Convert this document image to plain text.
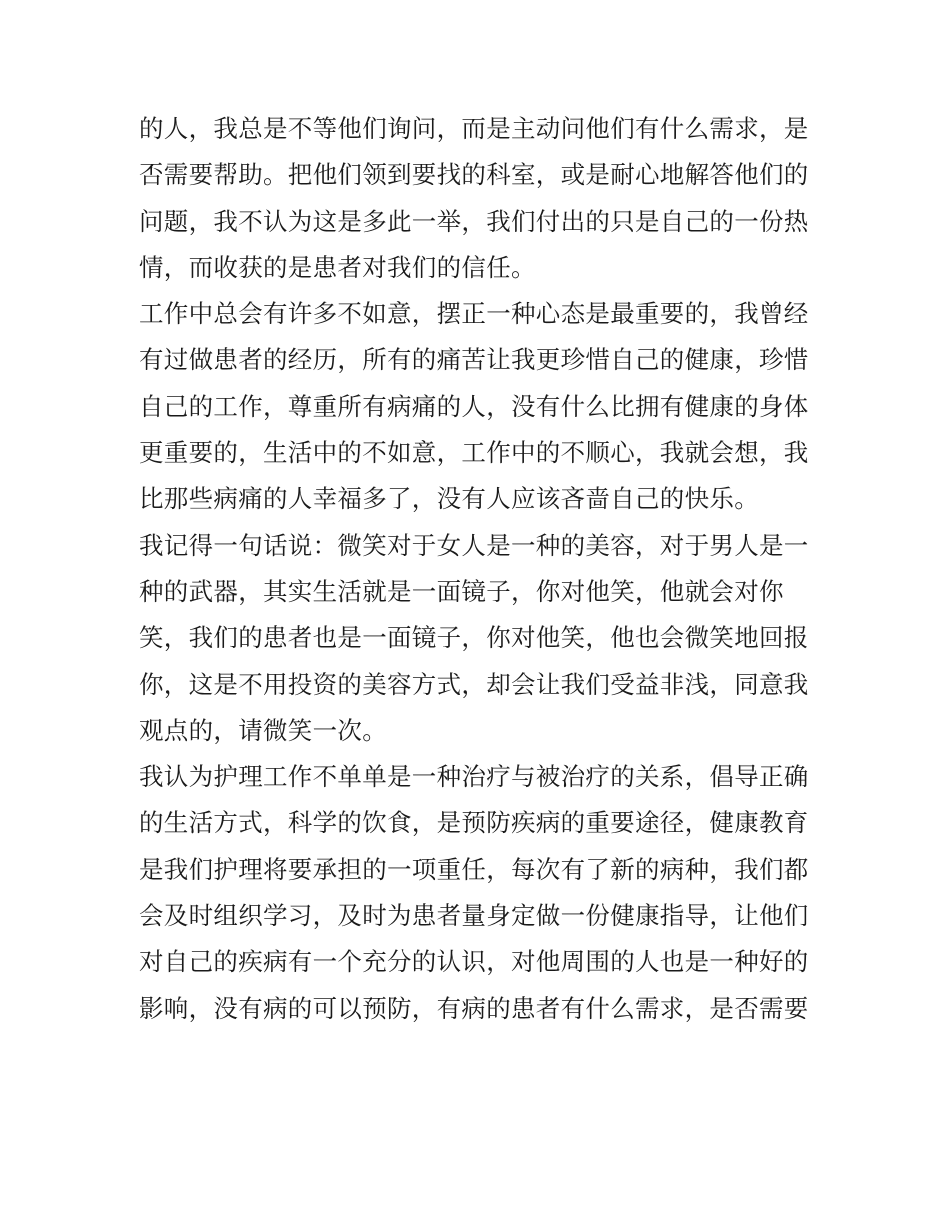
的人，我总是不等他们询问，而是主动问他们有什么需求，是
否需要帮助。把他们领到要找的科室，或是耐心地解答他们的
问题，我不认为这是多此一举，我们付出的只是自己的一份热
情，而收获的是患者对我们的信任。
工作中总会有许多不如意，摆正一种心态是最重要的，我曾经
有过做患者的经历，所有的痛苦让我更珍惜自己的健康，珍惜
自己的工作，尊重所有病痛的人，没有什么比拥有健康的身体
更重要的，生活中的不如意，工作中的不顺心，我就会想，我
比那些病痛的人幸福多了，没有人应该吝啬自己的快乐。
我记得一句话说：微笑对于女人是一种的美容，对于男人是一
种的武器，其实生活就是一面镜子，你对他笑，他就会对你
笑，我们的患者也是一面镜子，你对他笑，他也会微笑地回报
你，这是不用投资的美容方式，却会让我们受益非浅，同意我
观点的，请微笑一次。
我认为护理工作不单单是一种治疗与被治疗的关系，倡导正确
的生活方式，科学的饮食，是预防疾病的重要途径，健康教育
是我们护理将要承担的一项重任，每次有了新的病种，我们都
会及时组织学习，及时为患者量身定做一份健康指导，让他们
对自己的疾病有一个充分的认识，对他周围的人也是一种好的
影响，没有病的可以预防，有病的患者有什么需求，是否需要
